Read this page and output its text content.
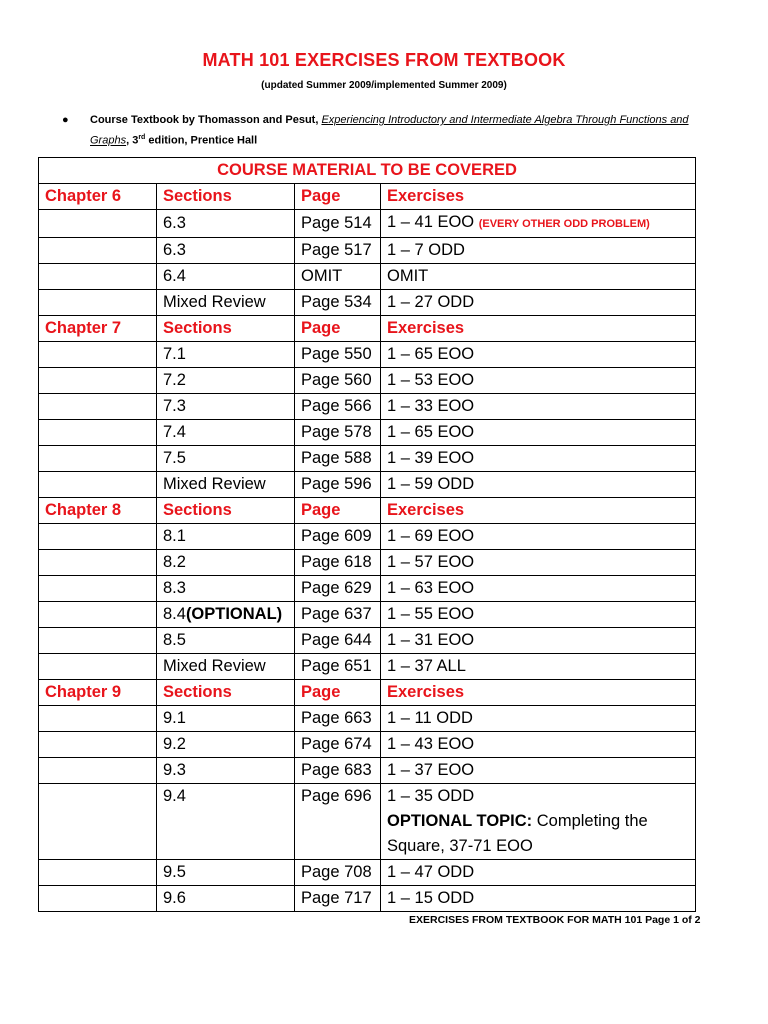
MATH 101 EXERCISES FROM TEXTBOOK
(updated Summer 2009/implemented Summer 2009)
● Course Textbook by Thomasson and Pesut, Experiencing Introductory and Intermediate Algebra Through Functions and Graphs, 3rd edition, Prentice Hall
COURSE MATERIAL TO BE COVERED			
Chapter 6	Sections	Page	Exercises
	6.3	Page 514	1 – 41 EOO (EVERY OTHER ODD PROBLEM)
	6.3	Page 517	1 – 7 ODD
	6.4	OMIT	OMIT
	Mixed Review	Page 534	1 – 27 ODD
Chapter 7	Sections	Page	Exercises
	7.1	Page 550	1 – 65 EOO
	7.2	Page 560	1 – 53 EOO
	7.3	Page 566	1 – 33 EOO
	7.4	Page 578	1 – 65 EOO
	7.5	Page 588	1 – 39 EOO
	Mixed Review	Page 596	1 – 59 ODD
Chapter 8	Sections	Page	Exercises
	8.1	Page 609	1 – 69 EOO
	8.2	Page 618	1 – 57 EOO
	8.3	Page 629	1 – 63 EOO
	8.4(OPTIONAL)	Page 637	1 – 55 EOO
	8.5	Page 644	1 – 31 EOO
	Mixed Review	Page 651	1 – 37 ALL
Chapter 9	Sections	Page	Exercises
	9.1	Page 663	1 – 11 ODD
	9.2	Page 674	1 – 43 EOO
	9.3	Page 683	1 – 37 EOO
	9.4	Page 696	1 – 35 ODD
OPTIONAL TOPIC: Completing the Square, 37-71 EOO
	9.5	Page 708	1 – 47 ODD
	9.6	Page 717	1 – 15 ODD
EXERCISES FROM TEXTBOOK FOR MATH 101 Page 1 of 2
